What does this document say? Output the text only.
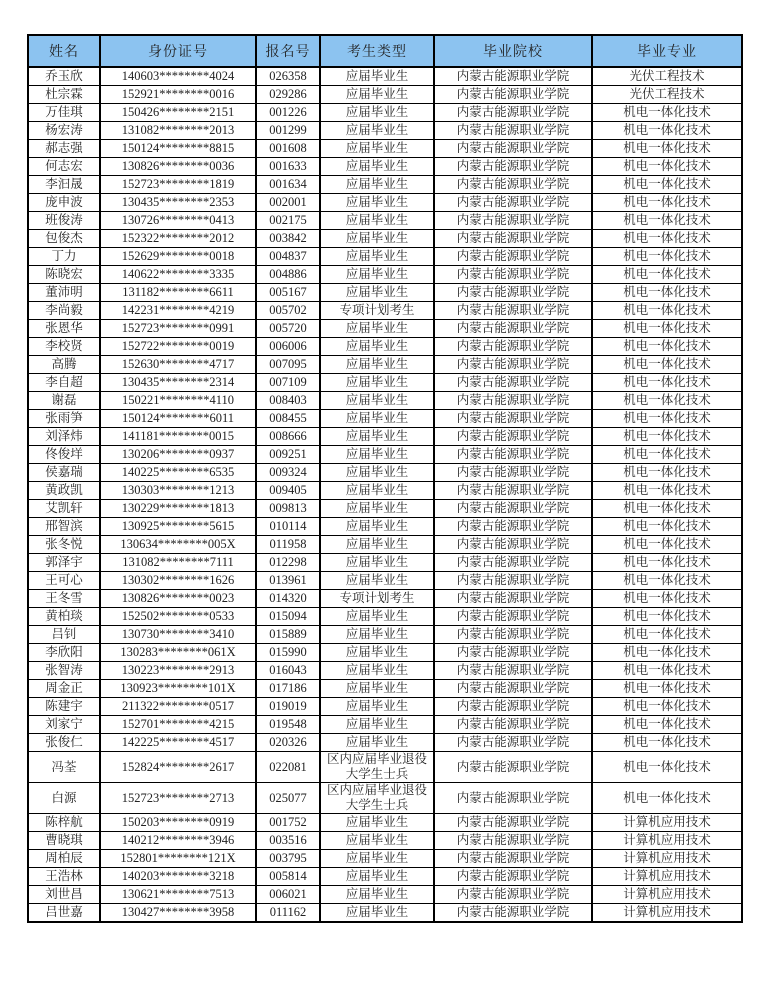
姓名	身份证号	报名号	考生类型	毕业院校	毕业专业
乔玉欣	140603********4024	026358	应届毕业生	内蒙古能源职业学院	光伏工程技术
杜宗霖	152921********0016	029286	应届毕业生	内蒙古能源职业学院	光伏工程技术
万佳琪	150426********2151	001226	应届毕业生	内蒙古能源职业学院	机电一体化技术
杨宏涛	131082********2013	001299	应届毕业生	内蒙古能源职业学院	机电一体化技术
郝志强	150124********8815	001608	应届毕业生	内蒙古能源职业学院	机电一体化技术
何志宏	130826********0036	001633	应届毕业生	内蒙古能源职业学院	机电一体化技术
李汩晟	152723********1819	001634	应届毕业生	内蒙古能源职业学院	机电一体化技术
庞申波	130435********2353	002001	应届毕业生	内蒙古能源职业学院	机电一体化技术
班俊涛	130726********0413	002175	应届毕业生	内蒙古能源职业学院	机电一体化技术
包俊杰	152322********2012	003842	应届毕业生	内蒙古能源职业学院	机电一体化技术
丁力	152629********0018	004837	应届毕业生	内蒙古能源职业学院	机电一体化技术
陈晓宏	140622********3335	004886	应届毕业生	内蒙古能源职业学院	机电一体化技术
董沛明	131182********6611	005167	应届毕业生	内蒙古能源职业学院	机电一体化技术
李尚毅	142231********4219	005702	专项计划考生	内蒙古能源职业学院	机电一体化技术
张恩华	152723********0991	005720	应届毕业生	内蒙古能源职业学院	机电一体化技术
李校贤	152722********0019	006006	应届毕业生	内蒙古能源职业学院	机电一体化技术
高腾	152630********4717	007095	应届毕业生	内蒙古能源职业学院	机电一体化技术
李自超	130435********2314	007109	应届毕业生	内蒙古能源职业学院	机电一体化技术
谢磊	150221********4110	008403	应届毕业生	内蒙古能源职业学院	机电一体化技术
张雨笋	150124********6011	008455	应届毕业生	内蒙古能源职业学院	机电一体化技术
刘泽炜	141181********0015	008666	应届毕业生	内蒙古能源职业学院	机电一体化技术
佟俊垟	130206********0937	009251	应届毕业生	内蒙古能源职业学院	机电一体化技术
侯嘉瑞	140225********6535	009324	应届毕业生	内蒙古能源职业学院	机电一体化技术
黄政凯	130303********1213	009405	应届毕业生	内蒙古能源职业学院	机电一体化技术
艾凯轩	130229********1813	009813	应届毕业生	内蒙古能源职业学院	机电一体化技术
邢智滨	130925********5615	010114	应届毕业生	内蒙古能源职业学院	机电一体化技术
张冬悦	130634********005X	011958	应届毕业生	内蒙古能源职业学院	机电一体化技术
郭泽宇	131082********7111	012298	应届毕业生	内蒙古能源职业学院	机电一体化技术
王可心	130302********1626	013961	应届毕业生	内蒙古能源职业学院	机电一体化技术
王冬雪	130826********0023	014320	专项计划考生	内蒙古能源职业学院	机电一体化技术
黄柏琰	152502********0533	015094	应届毕业生	内蒙古能源职业学院	机电一体化技术
吕钊	130730********3410	015889	应届毕业生	内蒙古能源职业学院	机电一体化技术
李欣阳	130283********061X	015990	应届毕业生	内蒙古能源职业学院	机电一体化技术
张智涛	130223********2913	016043	应届毕业生	内蒙古能源职业学院	机电一体化技术
周金正	130923********101X	017186	应届毕业生	内蒙古能源职业学院	机电一体化技术
陈建宇	211322********0517	019019	应届毕业生	内蒙古能源职业学院	机电一体化技术
刘家宁	152701********4215	019548	应届毕业生	内蒙古能源职业学院	机电一体化技术
张俊仁	142225********4517	020326	应届毕业生	内蒙古能源职业学院	机电一体化技术
冯荃	152824********2617	022081	区内应届毕业退役大学生士兵	内蒙古能源职业学院	机电一体化技术
白源	152723********2713	025077	区内应届毕业退役大学生士兵	内蒙古能源职业学院	机电一体化技术
陈梓航	150203********0919	001752	应届毕业生	内蒙古能源职业学院	计算机应用技术
曹晓琪	140212********3946	003516	应届毕业生	内蒙古能源职业学院	计算机应用技术
周柏辰	152801********121X	003795	应届毕业生	内蒙古能源职业学院	计算机应用技术
王浩林	140203********3218	005814	应届毕业生	内蒙古能源职业学院	计算机应用技术
刘世昌	130621********7513	006021	应届毕业生	内蒙古能源职业学院	计算机应用技术
吕世嘉	130427********3958	011162	应届毕业生	内蒙古能源职业学院	计算机应用技术
